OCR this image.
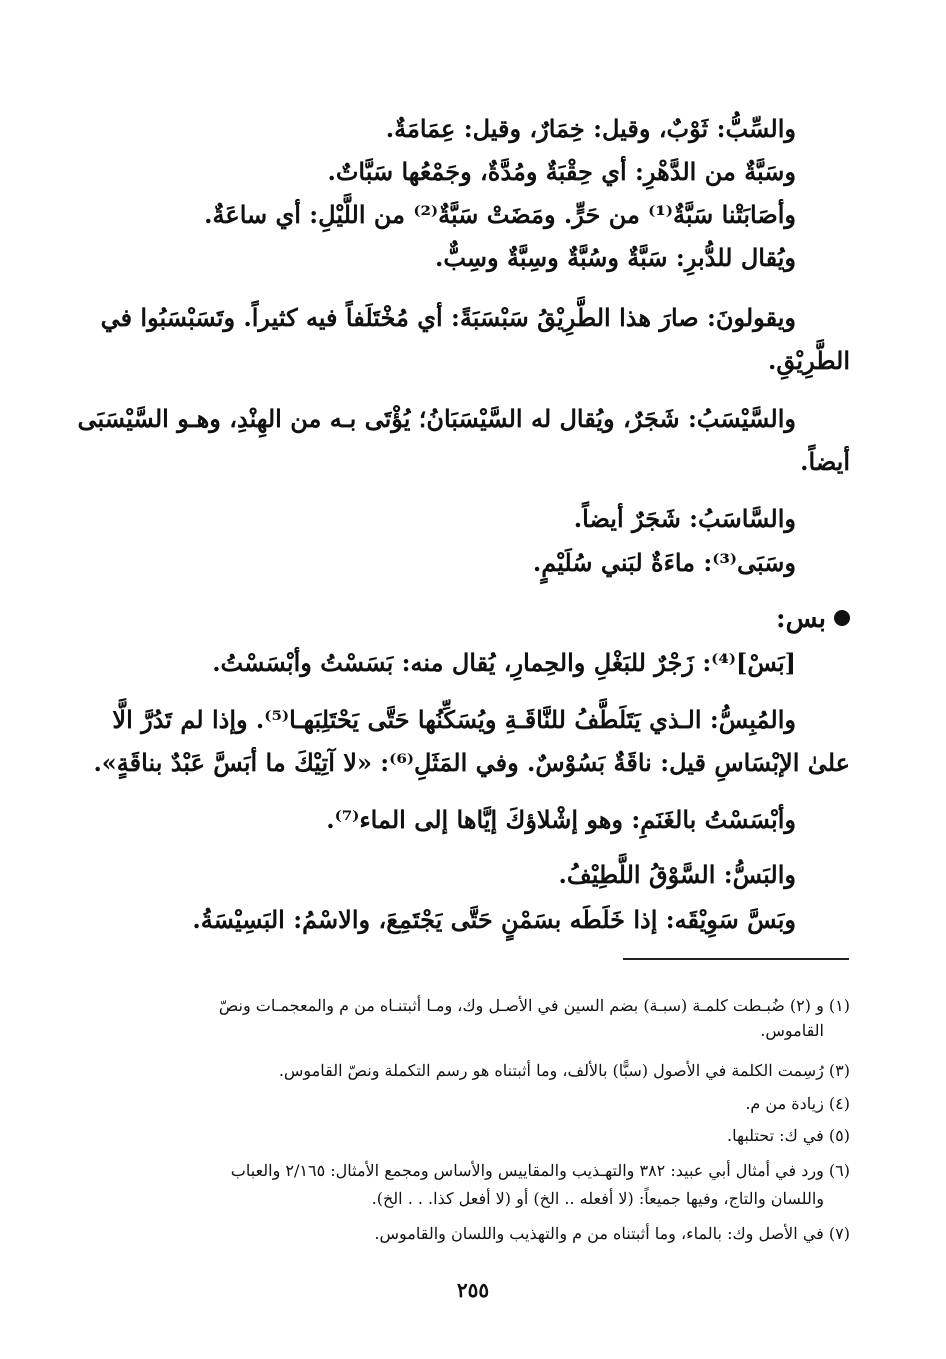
والسِّبُّ: ثَوْبٌ، وقيل: خِمَارٌ، وقيل: عِمَامَةٌ.
وسَبَّةٌ من الدَّهْرِ: أي حِقْبَةٌ ومُدَّةٌ، وجَمْعُها سَبَّاتٌ.
وأصَابَتْنا سَبَّةٌ⁽¹⁾ من حَرٍّ. ومَضَتْ سَبَّةٌ⁽²⁾ من اللَّيْلِ: أي ساعَةٌ.
ويُقال للدُّبرِ: سَبَّةٌ وسُبَّةٌ وسِبَّةٌ وسِبٌّ.
ويقولونَ: صارَ هذا الطَّرِيْقُ سَبْسَبَةً: أي مُخْتَلَفاً فيه كثيراً. وتَسَبْسَبُوا في
الطَّرِيْقِ.
والسَّيْسَبُ: شَجَرٌ، ويُقال له السَّيْسَبَانُ؛ يُؤْتَى بـه من الهِنْدِ، وهـو السَّيْسَبَى
أيضاً.
والسَّاسَبُ: شَجَرٌ أيضاً.
وسَبَى⁽³⁾: ماءَةٌ لبَني سُلَيْمٍ.
بس:
[بَسْ]⁽⁴⁾: زَجْرٌ للبَغْلِ والحِمارِ، يُقال منه: بَسَسْتُ وأبْسَسْتُ.
والمُبِسُّ: الـذي يَتَلَطَّفُ للنَّاقَـةِ ويُسَكِّنُها حَتَّى يَحْتَلِبَهـا⁽⁵⁾. وإذا لم تَدُرَّ الَّا
علىٰ الإبْسَاسِ قيل: ناقَةٌ بَسُوْسٌ. وفي المَثَلِ⁽⁶⁾: «لا آتِيْكَ ما أبَسَّ عَبْدٌ بناقَةٍ».
وأبْسَسْتُ بالغَنَمِ: وهو إشْلاؤكَ إيَّاها إلى الماء⁽⁷⁾.
والبَسُّ: السَّوْقُ اللَّطِيْفُ.
وبَسَّ سَوِيْقَه: إذا خَلَطَه بسَمْنٍ حَتَّى يَجْتَمِعَ، والاسْمُ: البَسِيْسَةُ.
(١) و (٢) ضُبـطت كلمـة (سبـة) بضم السين في الأصـل وك، ومـا أثبتنـاه من م والمعجمـات ونصّ
القاموس.
(٣) رُسِمت الكلمة في الأصول (سبًّا) بالألف، وما أثبتناه هو رسم التكملة ونصّ القاموس.
(٤) زيادة من م.
(٥) في ك: تحتلبها.
(٦) ورد في أمثال أبي عبيد: ٣٨٢ والتهـذيب والمقاييس والأساس ومجمع الأمثال: ٢/١٦٥ والعباب
واللسان والتاج، وفيها جميعاً: (لا أفعله .. الخ) أو (لا أفعل كذا. . . الخ).
(٧) في الأصل وك: بالماء، وما أثبتناه من م والتهذيب واللسان والقاموس.
٢٥٥
